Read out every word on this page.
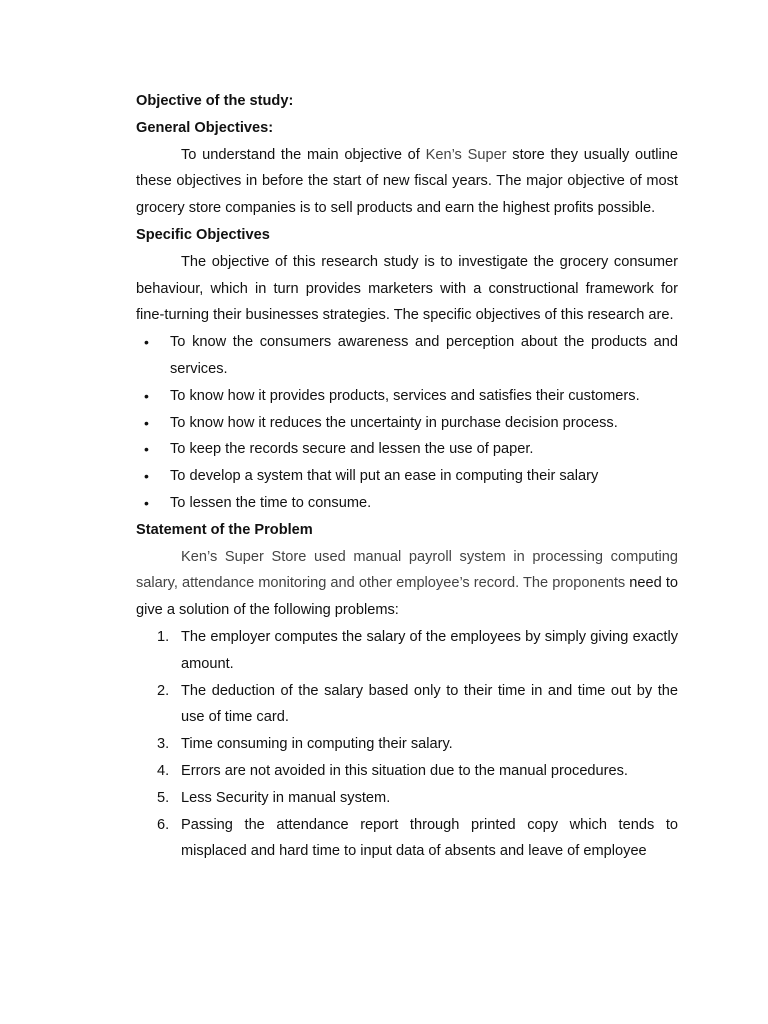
Objective of the study:

General Objectives:

To understand the main objective of Ken’s Super store they usually outline these objectives in before the start of new fiscal years. The major objective of most grocery store companies is to sell products and earn the highest profits possible.

Specific Objectives

The objective of this research study is to investigate the grocery consumer behaviour, which in turn provides marketers with a constructional framework for fine-turning their businesses strategies. The specific objectives of this research are.

• To know the consumers awareness and perception about the products and services.
• To know how it provides products, services and satisfies their customers.
• To know how it reduces the uncertainty in purchase decision process.
• To keep the records secure and lessen the use of paper.
• To develop a system that will put an ease in computing their salary
• To lessen the time to consume.

Statement of the Problem

Ken’s Super Store used manual payroll system in processing computing salary, attendance monitoring and other employee’s record. The proponents need to give a solution of the following problems:

1. The employer computes the salary of the employees by simply giving exactly amount.
2. The deduction of the salary based only to their time in and time out by the use of time card.
3. Time consuming in computing their salary.
4. Errors are not avoided in this situation due to the manual procedures.
5. Less Security in manual system.
6. Passing the attendance report through printed copy which tends to misplaced and hard time to input data of absents and leave of employee
